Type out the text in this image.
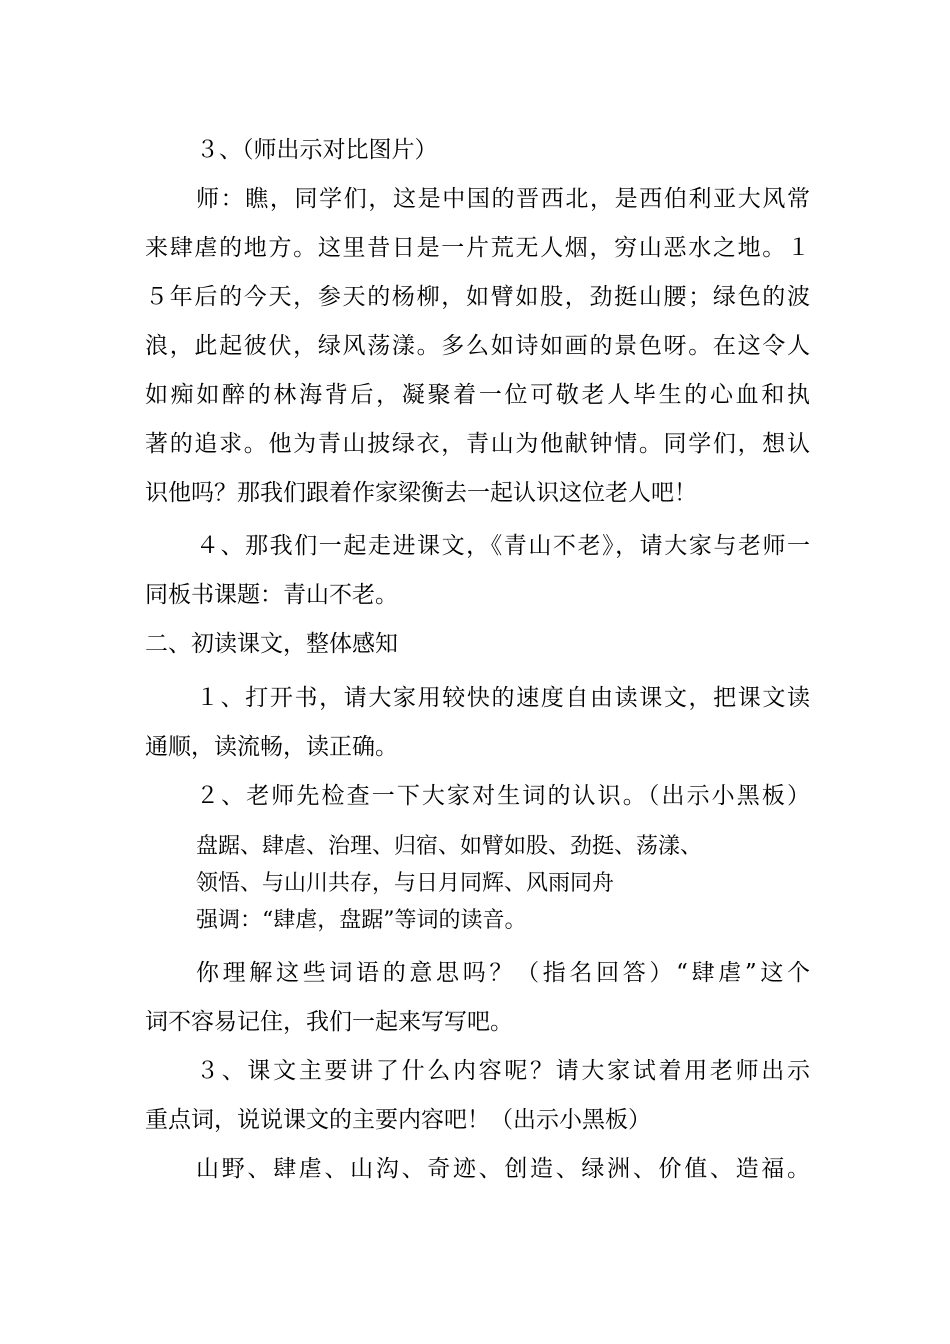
３、（师出示对比图片）
师：瞧，同学们，这是中国的晋西北，是西伯利亚大风常
来肆虐的地方。这里昔日是一片荒无人烟，穷山恶水之地。１
５年后的今天，参天的杨柳，如臂如股，劲挺山腰；绿色的波
浪，此起彼伏，绿风荡漾。多么如诗如画的景色呀。在这令人
如痴如醉的林海背后，凝聚着一位可敬老人毕生的心血和执
著的追求。他为青山披绿衣，青山为他献钟情。同学们，想认
识他吗？那我们跟着作家梁衡去一起认识这位老人吧！
４、那我们一起走进课文，《青山不老》，请大家与老师一
同板书课题：青山不老。
二、初读课文，整体感知
１、打开书，请大家用较快的速度自由读课文，把课文读
通顺，读流畅，读正确。
２、老师先检查一下大家对生词的认识。（出示小黑板）
盘踞、肆虐、治理、归宿、如臂如股、劲挺、荡漾、
领悟、与山川共存，与日月同辉、风雨同舟
强调：“肆虐，盘踞”等词的读音。
你理解这些词语的意思吗？（指名回答）“肆虐”这个
词不容易记住，我们一起来写写吧。
３、课文主要讲了什么内容呢？请大家试着用老师出示
重点词，说说课文的主要内容吧！（出示小黑板）
山野、肆虐、山沟、奇迹、创造、绿洲、价值、造福。
